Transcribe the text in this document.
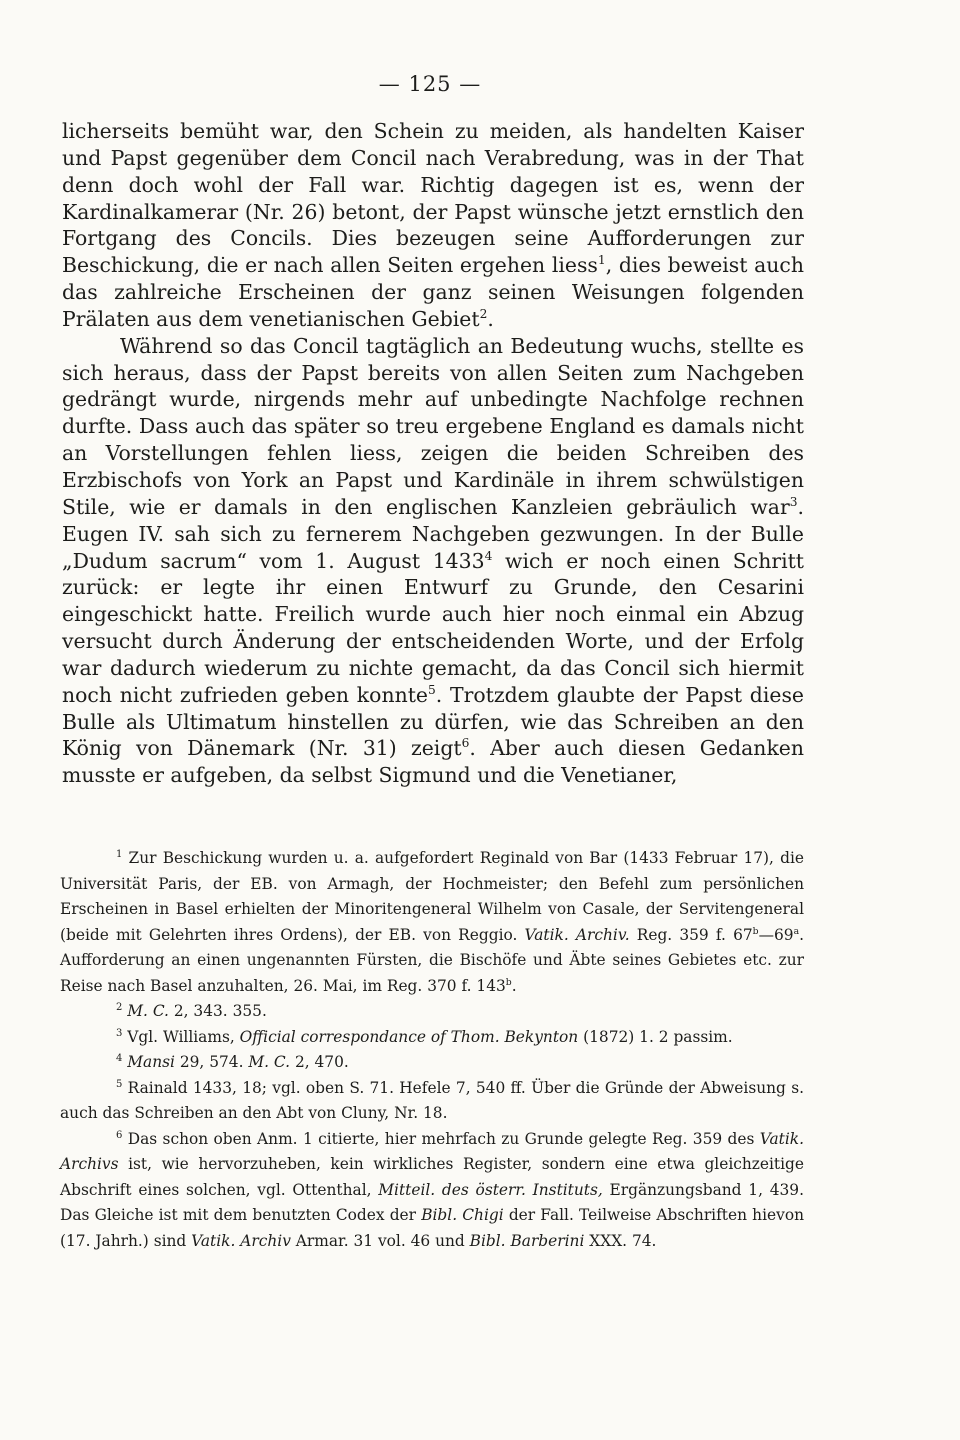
— 125 —

licherseits bemüht war, den Schein zu meiden, als handelten Kaiser und Papst gegenüber dem Concil nach Verabredung, was in der That denn doch wohl der Fall war. Richtig dagegen ist es, wenn der Kardinalkamerar (Nr. 26) betont, der Papst wünsche jetzt ernstlich den Fortgang des Concils. Dies bezeugen seine Aufforderungen zur Beschickung, die er nach allen Seiten ergehen liess$^1$, dies beweist auch das zahlreiche Erscheinen der ganz seinen Weisungen folgenden Prälaten aus dem venetianischen Gebiet$^2$.

Während so das Concil tagtäglich an Bedeutung wuchs, stellte es sich heraus, dass der Papst bereits von allen Seiten zum Nachgeben gedrängt wurde, nirgends mehr auf unbedingte Nachfolge rechnen durfte. Dass auch das später so treu ergebene England es damals nicht an Vorstellungen fehlen liess, zeigen die beiden Schreiben des Erzbischofs von York an Papst und Kardinäle in ihrem schwülstigen Stile, wie er damals in den englischen Kanzleien gebräulich war$^3$. Eugen IV. sah sich zu fernerem Nachgeben gezwungen. In der Bulle „Dudum sacrum“ vom 1. August 1433$^4$ wich er noch einen Schritt zurück: er legte ihr einen Entwurf zu Grunde, den Cesarini eingeschickt hatte. Freilich wurde auch hier noch einmal ein Abzug versucht durch Änderung der entscheidenden Worte, und der Erfolg war dadurch wiederum zu nichte gemacht, da das Concil sich hiermit noch nicht zufrieden geben konnte$^5$. Trotzdem glaubte der Papst diese Bulle als Ultimatum hinstellen zu dürfen, wie das Schreiben an den König von Dänemark (Nr. 31) zeigt$^6$. Aber auch diesen Gedanken musste er aufgeben, da selbst Sigmund und die Venetianer,

$^1$ Zur Beschickung wurden u. a. aufgefordert Reginald von Bar (1433 Februar 17), die Universität Paris, der EB. von Armagh, der Hochmeister; den Befehl zum persönlichen Erscheinen in Basel erhielten der Minoritengeneral Wilhelm von Casale, der Servitengeneral (beide mit Gelehrten ihres Ordens), der EB. von Reggio. Vatik. Archiv. Reg. 359 f. 67$^b$—69$^a$. Aufforderung an einen ungenannten Fürsten, die Bischöfe und Äbte seines Gebietes etc. zur Reise nach Basel anzuhalten, 26. Mai, im Reg. 370 f. 143$^b$.

$^2$ M. C. 2, 343. 355.

$^3$ Vgl. Williams, Official correspondance of Thom. Bekynton (1872) 1. 2 passim.

$^4$ Mansi 29, 574. M. C. 2, 470.

$^5$ Rainald 1433, 18; vgl. oben S. 71. Hefele 7, 540 ff. Über die Gründe der Abweisung s. auch das Schreiben an den Abt von Cluny, Nr. 18.

$^6$ Das schon oben Anm. 1 citierte, hier mehrfach zu Grunde gelegte Reg. 359 des Vatik. Archivs ist, wie hervorzuheben, kein wirkliches Register, sondern eine etwa gleichzeitige Abschrift eines solchen, vgl. Ottenthal, Mitteil. des österr. Instituts, Ergänzungsband 1, 439. Das Gleiche ist mit dem benutzten Codex der Bibl. Chigi der Fall. Teilweise Abschriften hievon (17. Jahrh.) sind Vatik. Archiv Armar. 31 vol. 46 und Bibl. Barberini XXX. 74.
